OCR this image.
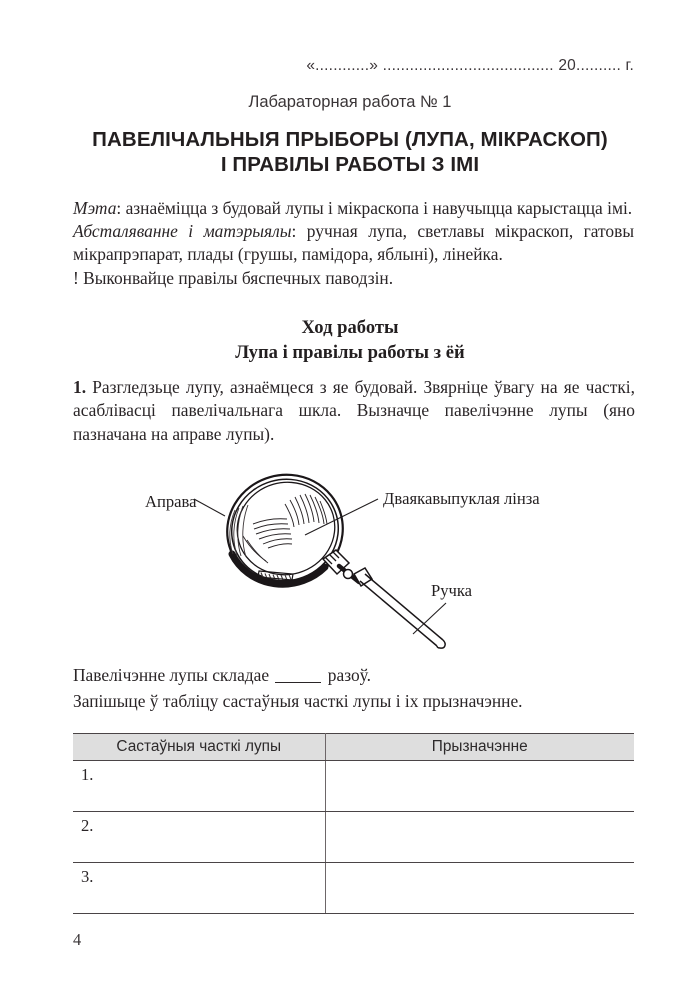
«............» ...................................... 20.......... г.
Лабараторная работа № 1
ПАВЕЛІЧАЛЬНЫЯ ПРЫБОРЫ (ЛУПА, МІКРАСКОП)
І ПРАВІЛЫ РАБОТЫ З ІМІ

Мэта: азнаёміцца з будовай лупы і мікраскопа і навучыцца карыстацца імі.

Абсталяванне і матэрыялы: ручная лупа, светлавы мікраскоп, гатовы мікрапрэпарат, плады (грушы, памідора, яблыні), лінейка.

! Выконвайце правілы бяспечных паводзін.

Ход работы
Лупа і правілы работы з ёй
1. Разгледзьце лупу, азнаёмцеся з яе будовай. Звярніце ўвагу на яе часткі, асаблівасці павелічальнага шкла. Вызначце павелічэнне лупы (яно пазначана на аправе лупы).
Аправа	Двaякавыпуклая лінза
Ручка

Павелічэнне лупы складае	разоў.

Запішыце ў табліцу састаўныя часткі лупы і іх прызначэнне.

Састаўныя часткі лупы	Прызначэнне
1.	
2.	
3.	
4
